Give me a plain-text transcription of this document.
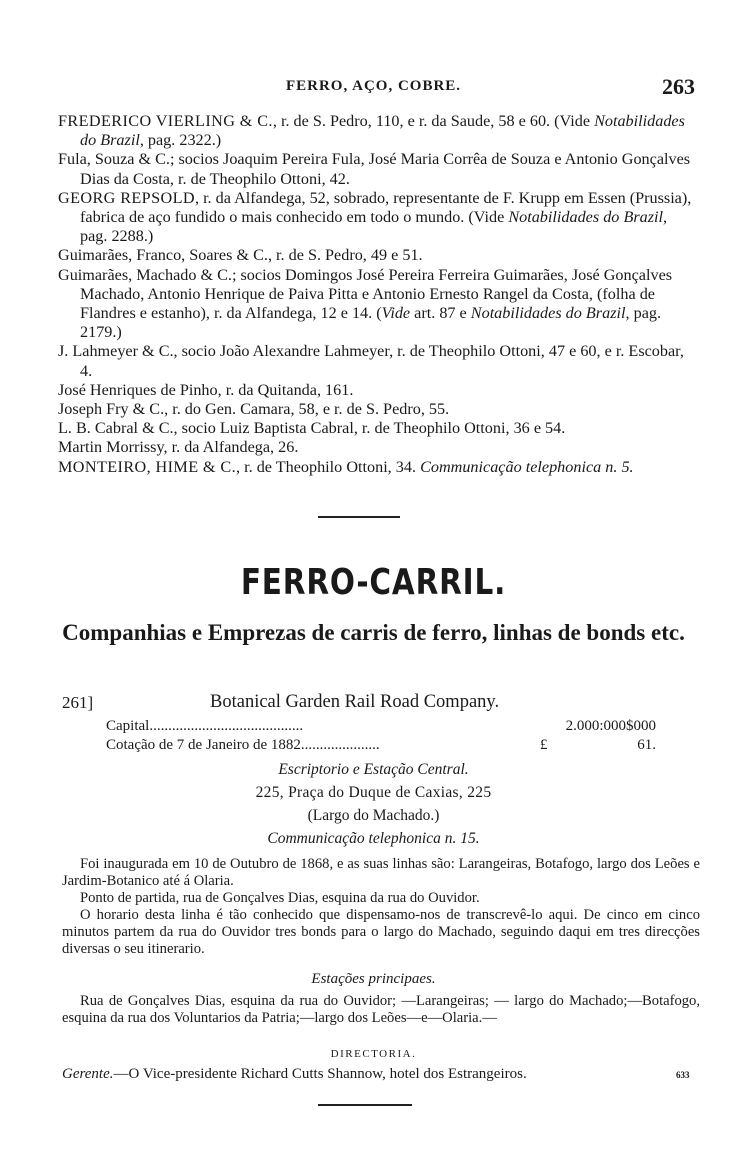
FERRO, AÇO, COBRE.	263

FREDERICO VIERLING & C., r. de S. Pedro, 110, e r. da Saude, 58 e 60. (Vide Notabilidades do Brazil, pag. 2322.)

Fula, Souza & C.; socios Joaquim Pereira Fula, José Maria Corrêa de Souza e Antonio Gonçalves Dias da Costa, r. de Theophilo Ottoni, 42.

GEORG REPSOLD, r. da Alfandega, 52, sobrado, representante de F. Krupp em Essen (Prussia), fabrica de aço fundido o mais conhecido em todo o mundo. (Vide Notabilidades do Brazil, pag. 2288.)

Guimarães, Franco, Soares & C., r. de S. Pedro, 49 e 51.

Guimarães, Machado & C.; socios Domingos José Pereira Ferreira Guimarães, José Gonçalves Machado, Antonio Henrique de Paiva Pitta e Antonio Ernesto Rangel da Costa, (folha de Flandres e estanho), r. da Alfandega, 12 e 14. (Vide art. 87 e Notabilidades do Brazil, pag. 2179.)

J. Lahmeyer & C., socio João Alexandre Lahmeyer, r. de Theophilo Ottoni, 47 e 60, e r. Escobar, 4.

José Henriques de Pinho, r. da Quitanda, 161.

Joseph Fry & C., r. do Gen. Camara, 58, e r. de S. Pedro, 55.

L. B. Cabral & C., socio Luiz Baptista Cabral, r. de Theophilo Ottoni, 36 e 54.

Martin Morrissy, r. da Alfandega, 26.

MONTEIRO, HIME & C., r. de Theophilo Ottoni, 34. Communicação telephonica n. 5.

FERRO-CARRIL.
Companhias e Emprezas de carris de ferro, linhas de bonds etc.
261]	Botanical Garden Rail Road Company.
Capital.........................................	2.000:000$000
Cotação de 7 de Janeiro de 1882.....................	£	61.
Escriptorio e Estação Central.
225, Praça do Duque de Caxias, 225
(Largo do Machado.)
Communicação telephonica n. 15.

Foi inaugurada em 10 de Outubro de 1868, e as suas linhas são: Larangeiras, Botafogo, largo dos Leões e Jardim-Botanico até á Olaria.

Ponto de partida, rua de Gonçalves Dias, esquina da rua do Ouvidor.

O horario desta linha é tão conhecido que dispensamo-nos de transcrevê-lo aqui. De cinco em cinco minutos partem da rua do Ouvidor tres bonds para o largo do Machado, seguindo daqui em tres direcções diversas o seu itinerario.

Estações principaes.

Rua de Gonçalves Dias, esquina da rua do Ouvidor; —Larangeiras; — largo do Machado;—Botafogo, esquina da rua dos Voluntarios da Patria;—largo dos Leões—e—Olaria.—

DIRECTORIA.
Gerente.—O Vice-presidente Richard Cutts Shannow, hotel dos Estrangeiros.	633
